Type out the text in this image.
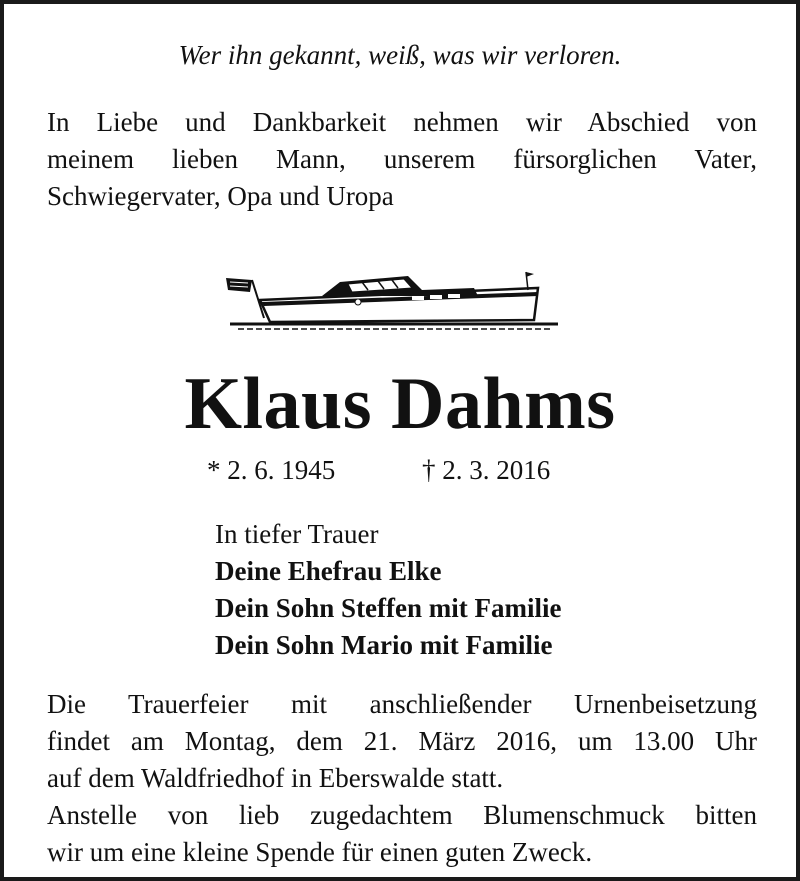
Wer ihn gekannt, weiß, was wir verloren.
In Liebe und Dankbarkeit nehmen wir Abschied von
meinem lieben Mann, unserem fürsorglichen Vater,
Schwiegervater, Opa und Uropa
Klaus Dahms
* 2. 6. 1945	† 2. 3. 2016
In tiefer Trauer
Deine Ehefrau Elke
Dein Sohn Steffen mit Familie
Dein Sohn Mario mit Familie
Die Trauerfeier mit anschließender Urnenbeisetzung
findet am Montag, dem 21. März 2016, um 13.00 Uhr
auf dem Waldfriedhof in Eberswalde statt.
Anstelle von lieb zugedachtem Blumenschmuck bitten
wir um eine kleine Spende für einen guten Zweck.
